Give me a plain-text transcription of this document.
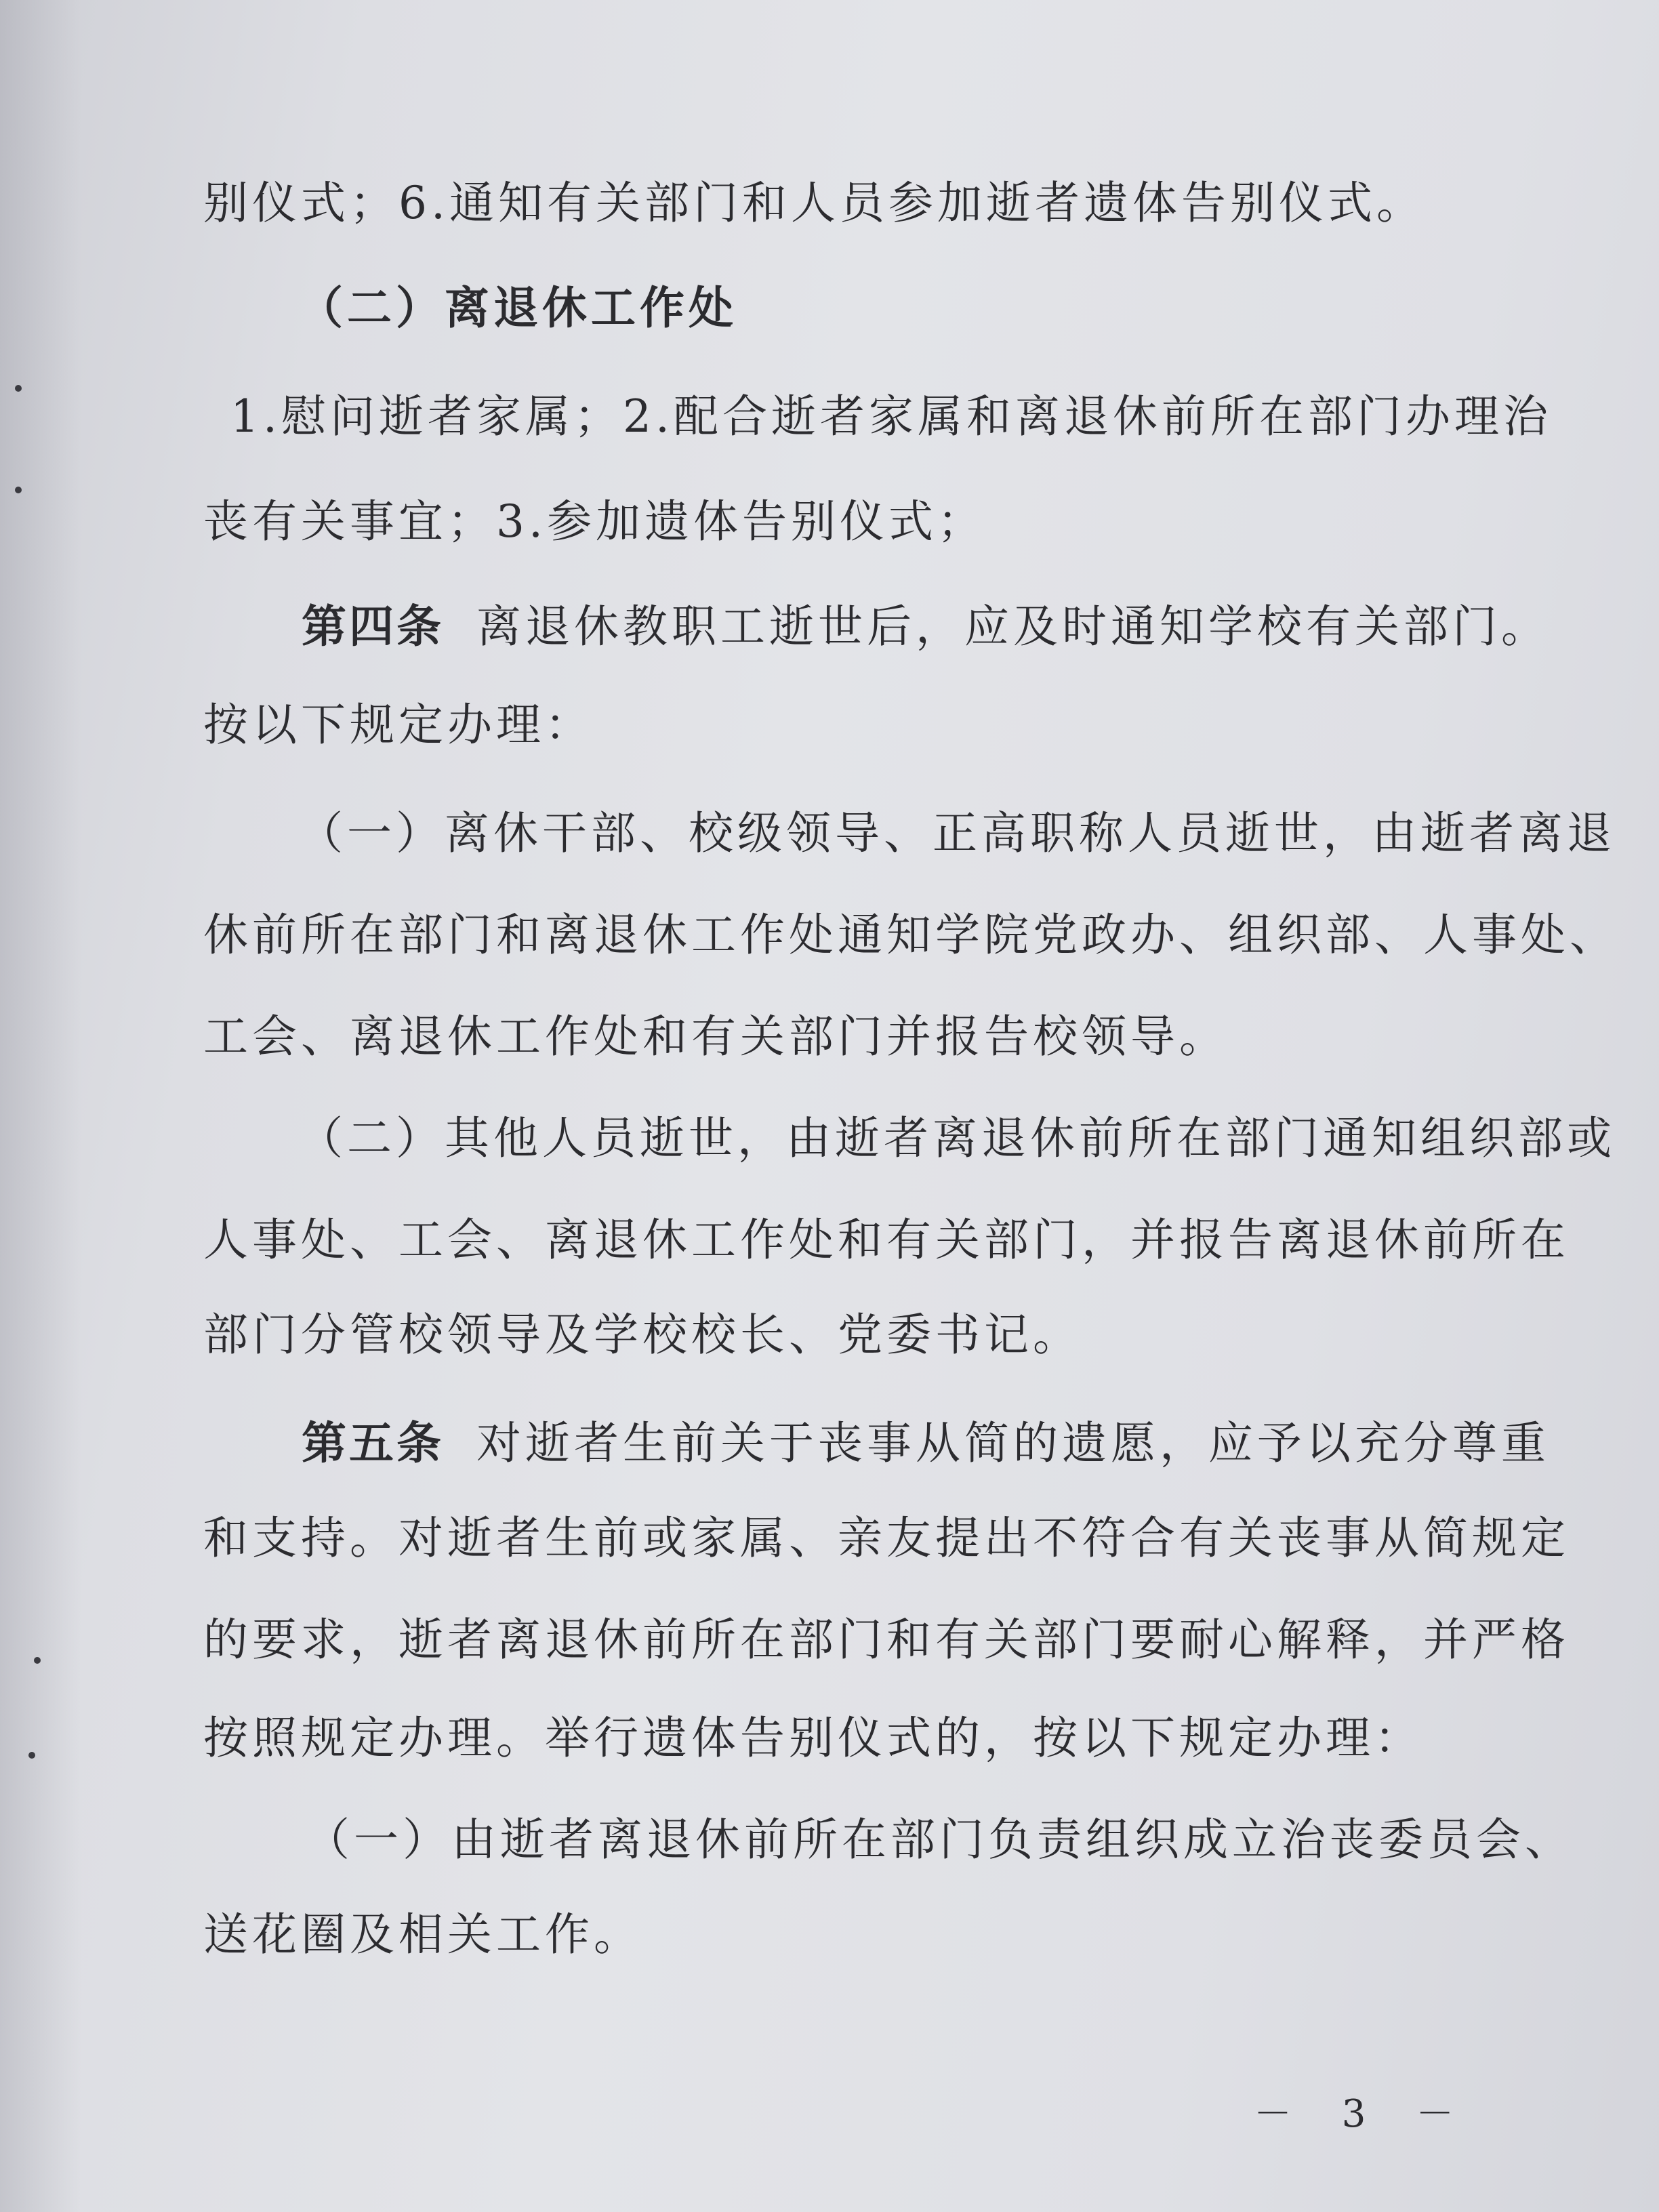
别仪式；6.通知有关部门和人员参加逝者遗体告别仪式。
（二）离退休工作处
1.慰问逝者家属；2.配合逝者家属和离退休前所在部门办理治
丧有关事宜；3.参加遗体告别仪式；
第四条 离退休教职工逝世后，应及时通知学校有关部门。
按以下规定办理：
（一）离休干部、校级领导、正高职称人员逝世，由逝者离退
休前所在部门和离退休工作处通知学院党政办、组织部、人事处、
工会、离退休工作处和有关部门并报告校领导。
（二）其他人员逝世，由逝者离退休前所在部门通知组织部或
人事处、工会、离退休工作处和有关部门，并报告离退休前所在
部门分管校领导及学校校长、党委书记。
第五条 对逝者生前关于丧事从简的遗愿，应予以充分尊重
和支持。对逝者生前或家属、亲友提出不符合有关丧事从简规定
的要求，逝者离退休前所在部门和有关部门要耐心解释，并严格
按照规定办理。举行遗体告别仪式的，按以下规定办理：
（一）由逝者离退休前所在部门负责组织成立治丧委员会、
送花圈及相关工作。
－ 3 －
